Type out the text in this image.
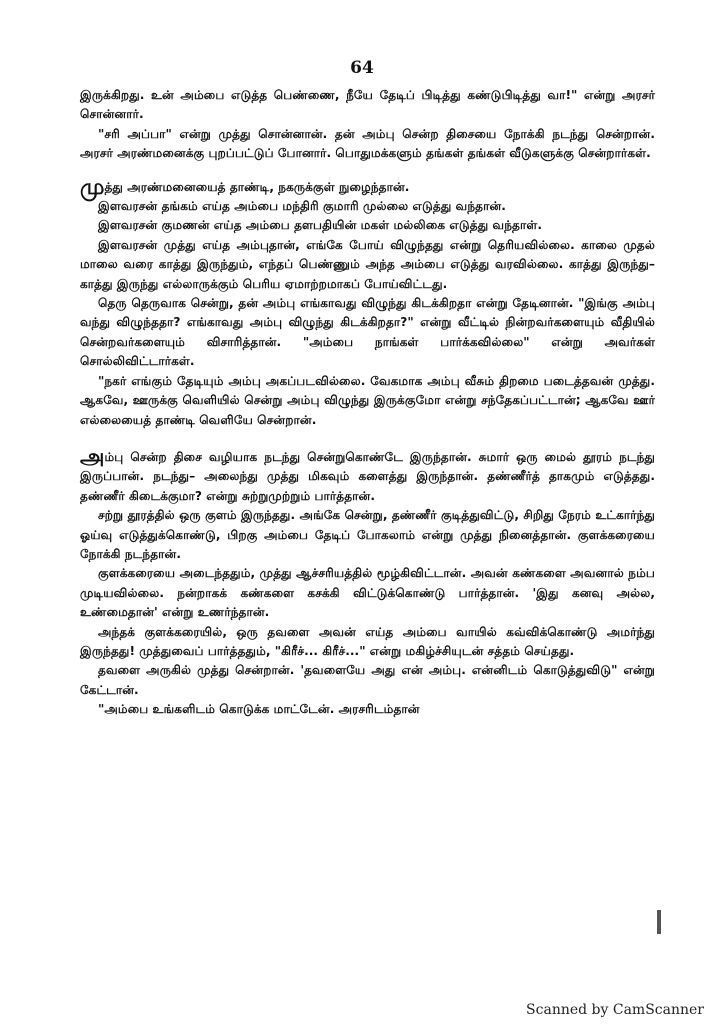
64

இருக்கிறது. உன் அம்பை எடுத்த பெண்ணை, நீயே தேடிப் பிடித்து கண்டுபிடித்து வா!" என்று அரசர் சொன்னார்.

"சரி அப்பா" என்று முத்து சொன்னான். தன் அம்பு சென்ற திசையை நோக்கி நடந்து சென்றான். அரசர் அரண்மனைக்கு புறப்பட்டுப் போனார். பொதுமக்களும் தங்கள் தங்கள் வீடுகளுக்கு சென்றார்கள்.

முத்து அரண்மனையைத் தாண்டி, நகருக்குள் நுழைந்தான்.

இளவரசன் தங்கம் எய்த அம்பை மந்திரி குமாரி முல்லை எடுத்து வந்தான்.

இளவரசன் குமணன் எய்த அம்பை தளபதியின் மகள் மல்லிகை எடுத்து வந்தாள்.

இளவரசன் முத்து எய்த அம்புதான், எங்கே போய் விழுந்தது என்று தெரியவில்லை. காலை முதல் மாலை வரை காத்து இருந்தும், எந்தப் பெண்ணும் அந்த அம்பை எடுத்து வரவில்லை. காத்து இருந்து– காத்து இருந்து எல்லாருக்கும் பெரிய ஏமாற்றமாகப் போய்விட்டது.

தெரு தெருவாக சென்று, தன் அம்பு எங்காவது விழுந்து கிடக்கிறதா என்று தேடினான். "இங்கு அம்பு வந்து விழுந்ததா? எங்காவது அம்பு விழுந்து கிடக்கிறதா?" என்று வீட்டில் நின்றவர்களையும் வீதியில் சென்றவர்களையும் விசாரித்தான். "அம்பை நாங்கள் பார்க்கவில்லை" என்று அவர்கள் சொல்லிவிட்டார்கள்.

"நகர் எங்கும் தேடியும் அம்பு அகப்படவில்லை. வேகமாக அம்பு வீசும் திறமை படைத்தவன் முத்து. ஆகவே, ஊருக்கு வெளியில் சென்று அம்பு விழுந்து இருக்குமோ என்று சந்தேகப்பட்டான்; ஆகவே ஊர் எல்லையைத் தாண்டி வெளியே சென்றான்.

அம்பு சென்ற திசை வழியாக நடந்து சென்றுகொண்டே இருந்தான். சுமார் ஒரு மைல் தூரம் நடந்து இருப்பான். நடந்து– அலைந்து முத்து மிகவும் களைத்து இருந்தான். தண்ணீர்த் தாகமும் எடுத்தது. தண்ணீர் கிடைக்குமா? என்று சுற்றுமுற்றும் பார்த்தான்.

சற்று தூரத்தில் ஒரு குளம் இருந்தது. அங்கே சென்று, தண்ணீர் குடித்துவிட்டு, சிறிது நேரம் உட்கார்ந்து ஓய்வு எடுத்துக்கொண்டு, பிறகு அம்பை தேடிப் போகலாம் என்று முத்து நினைத்தான். குளக்கரையை நோக்கி நடந்தான்.

குளக்கரையை அடைந்ததும், முத்து ஆச்சரியத்தில் மூழ்கிவிட்டான். அவன் கண்களை அவனால் நம்ப முடியவில்லை. நன்றாகக் கண்களை கசக்கி விட்டுக்கொண்டு பார்த்தான். 'இது கனவு அல்ல, உண்மைதான்' என்று உணர்ந்தான்.

அந்தக் குளக்கரையில், ஒரு தவளை அவன் எய்த அம்பை வாயில் கவ்விக்கொண்டு அமர்ந்து இருந்தது! முத்துவைப் பார்த்ததும், "கிரீச்... கிரீச்..." என்று மகிழ்ச்சியுடன் சத்தம் செய்தது.

தவளை அருகில் முத்து சென்றான். 'தவளையே அது என் அம்பு. என்னிடம் கொடுத்துவிடு" என்று கேட்டான்.

"அம்பை உங்களிடம் கொடுக்க மாட்டேன். அரசரிடம்தான்

Scanned by CamScanner
